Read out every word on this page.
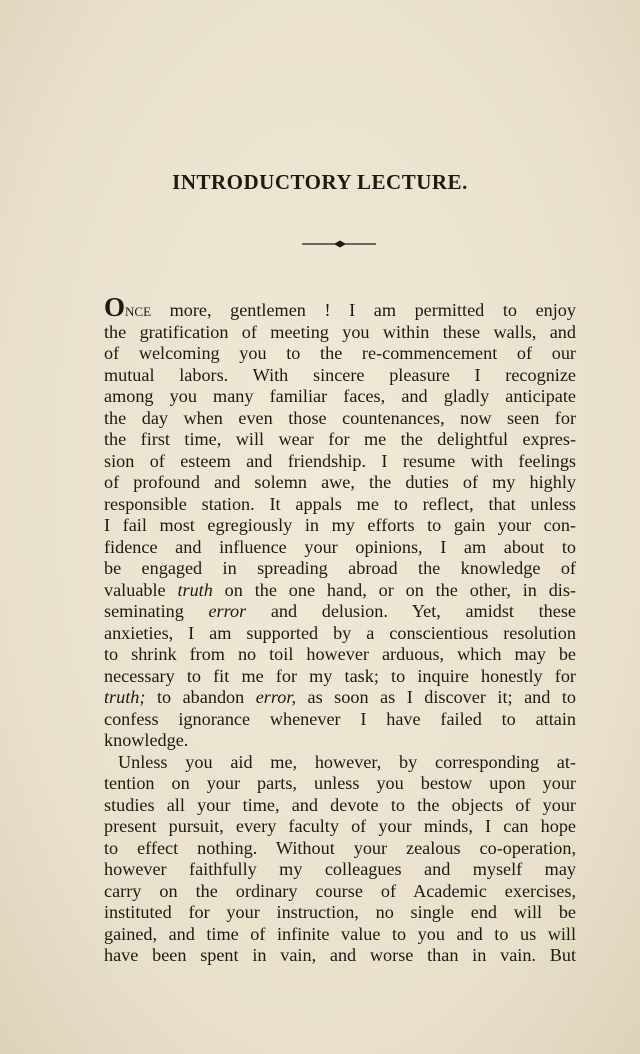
INTRODUCTORY LECTURE.
Once more, gentlemen ! I am permitted to enjoy
the gratification of meeting you within these walls, and
of welcoming you to the re-commencement of our
mutual labors. With sincere pleasure I recognize
among you many familiar faces, and gladly anticipate
the day when even those countenances, now seen for
the first time, will wear for me the delightful expres-
sion of esteem and friendship. I resume with feelings
of profound and solemn awe, the duties of my highly
responsible station. It appals me to reflect, that unless
I fail most egregiously in my efforts to gain your con-
fidence and influence your opinions, I am about to
be engaged in spreading abroad the knowledge of
valuable truth on the one hand, or on the other, in dis-
seminating error and delusion. Yet, amidst these
anxieties, I am supported by a conscientious resolution
to shrink from no toil however arduous, which may be
necessary to fit me for my task; to inquire honestly for
truth; to abandon error, as soon as I discover it; and to
confess ignorance whenever I have failed to attain
knowledge.
Unless you aid me, however, by corresponding at-
tention on your parts, unless you bestow upon your
studies all your time, and devote to the objects of your
present pursuit, every faculty of your minds, I can hope
to effect nothing. Without your zealous co-operation,
however faithfully my colleagues and myself may
carry on the ordinary course of Academic exercises,
instituted for your instruction, no single end will be
gained, and time of infinite value to you and to us will
have been spent in vain, and worse than in vain. But
